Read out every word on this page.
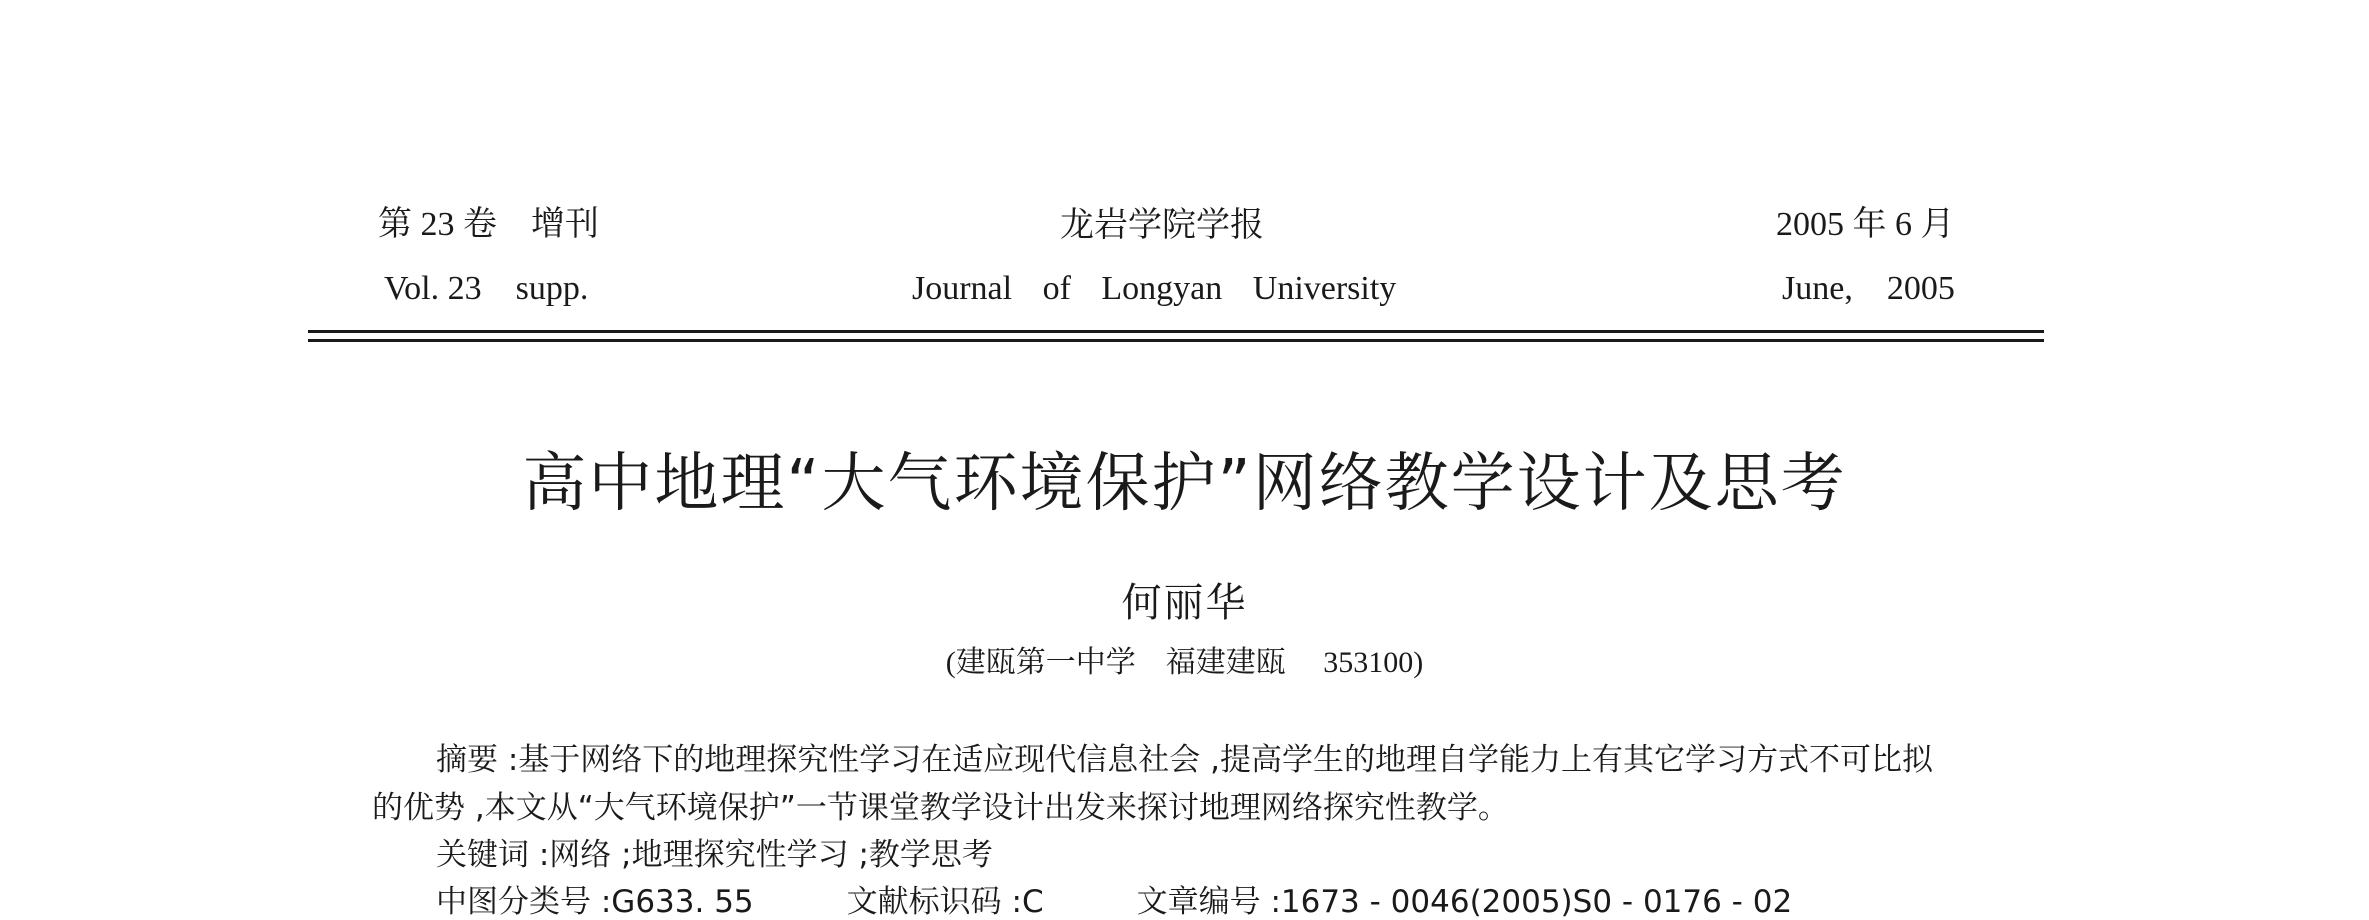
第 23 卷　增刊
Vol. 23　supp.
龙岩学院学报
Journal of Longyan University
2005 年 6 月
June,　2005
高中地理“大气环境保护”网络教学设计及思考
何丽华
(建瓯第一中学　福建建瓯　 353100)
摘要 :基于网络下的地理探究性学习在适应现代信息社会 ,提高学生的地理自学能力上有其它学习方式不可比拟
的优势 ,本文从“大气环境保护”一节课堂教学设计出发来探讨地理网络探究性教学。
关键词 :网络 ;地理探究性学习 ;教学思考
中图分类号 :G633. 55　　　文献标识码 :C　　　文章编号 :1673 - 0046(2005)S0 - 0176 - 02
